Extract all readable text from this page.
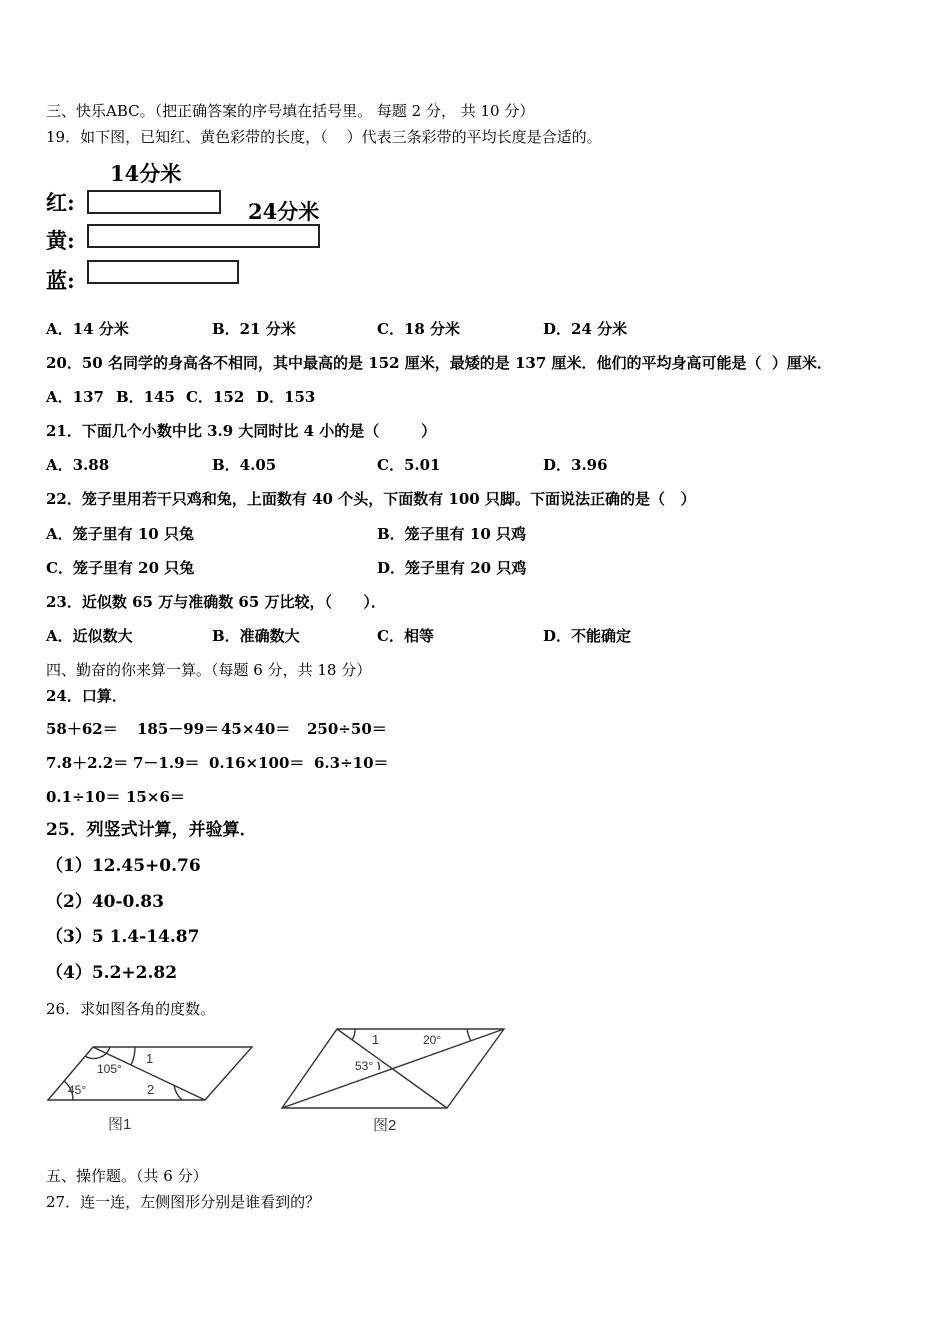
三、快乐ABC。（把正确答案的序号填在括号里。 每题 2 分， 共 10 分）
19．如下图，已知红、黄色彩带的长度，（    ）代表三条彩带的平均长度是合适的。
14分米
24分米
红:
黄:
蓝:
A．14 分米	B．21 分米	C．18 分米	D．24 分米
20．50 名同学的身高各不相同，其中最高的是 152 厘米，最矮的是 137 厘米．他们的平均身高可能是（  ）厘米．
A．137 B．145 C．152 D．153
21．下面几个小数中比 3.9 大同时比 4 小的是（        ）
A．3.88	B．4.05	C．5.01	D．3.96
22．笼子里用若干只鸡和兔，上面数有 40 个头，下面数有 100 只脚。下面说法正确的是（   ）
A．笼子里有 10 只兔	B．笼子里有 10 只鸡
C．笼子里有 20 只兔	D．笼子里有 20 只鸡
23．近似数 65 万与准确数 65 万比较，（      ）．
A．近似数大	B．准确数大	C．相等	D．不能确定
四、勤奋的你来算一算。（每题 6 分，共 18 分）
24．口算．
58＋62＝ 185－99＝ 45×40＝ 250÷50＝
7.8＋2.2＝ 7－1.9＝ 0.16×100＝ 6.3÷10＝
0.1÷10＝ 15×6＝
25．列竖式计算，并验算．
（1）12.45+0.76
（2）40-0.83
（3）5 1.4-14.87
（4）5.2+2.82
26．求如图各角的度数。
45°
105°
1
2
图1
1	20°
53°
图2
五、操作题。（共 6 分）
27．连一连，左侧图形分别是谁看到的？
